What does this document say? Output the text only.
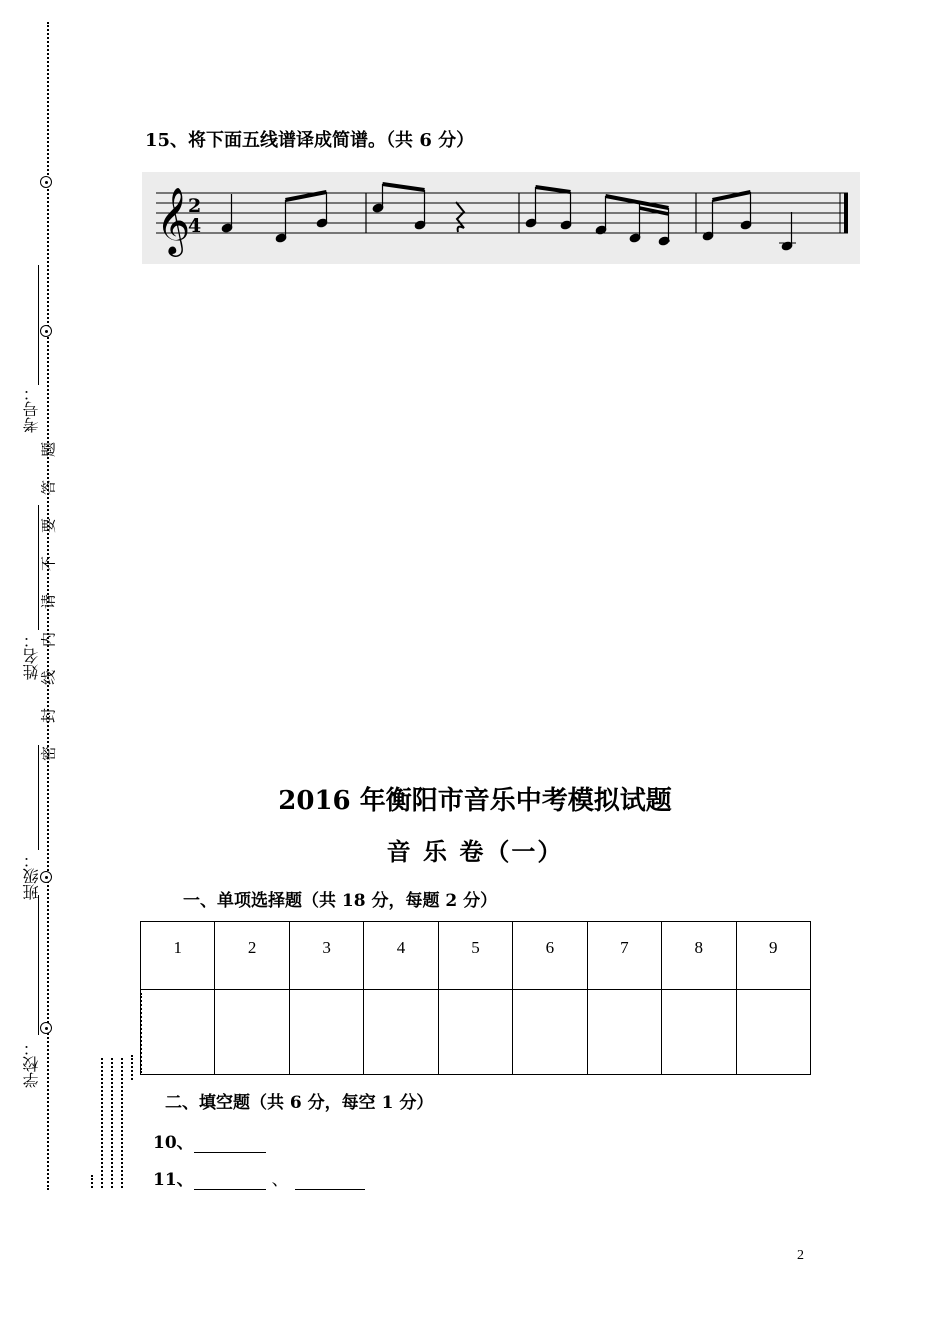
考号：
姓名：
班级：
学校：
题
答
要
不
请
内
线
封
密
15、将下面五线谱译成简谱。（共 6 分）
𝄞
2
4
2016 年衡阳市音乐中考模拟试题
音 乐 卷（一）
一、单项选择题（共 18 分，每题 2 分）
1	2	3	4	5	6	7	8	9

二、填空题（共 6 分，每空 1 分）
10、
11、	、
2
